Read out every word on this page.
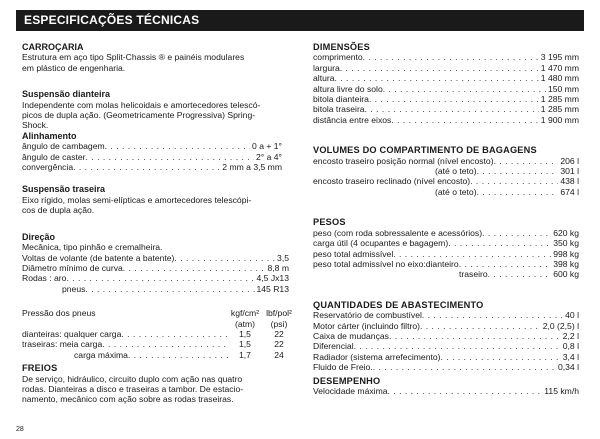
ESPECIFICAÇÕES TÉCNICAS
CARROÇARIA

Estrutura em aço tipo Split-Chassis ® e painéis modulares

em plástico de engenharia.

Suspensão dianteira

Independente com molas helicoidais e amortecedores telescó-

picos de dupla ação. (Geometricamente Progressiva) Spring-

Shock.

Alinhamento
ângulo de cambagem . . .	0 a + 1°
ângulo de caster . . .	2° a 4°
convergência . . .	2 mm a 3,5 mm
Suspensão traseira

Eixo rígido, molas semi-elípticas e amortecedores telescópi-

cos de dupla ação.

Direção

Mecânica, tipo pinhão e cremalheira.

Voltas de volante (de batente a batente) . . .	3,5
Diâmetro mínimo de curva . . .	8,8 m
Rodas : aro . . .	4,5 Jx13
pneus . . .	145 R13
Pressão dos pneus	kgf/cm² lbf/pol²
(atm)	(psi)
dianteiras: qualquer carga . . .	1,5	22
traseiras: meia carga . . .	1,5	22
carga máxima . . .	1,7	24
FREIOS

De serviço, hidráulico, circuito duplo com ação nas quatro

rodas. Dianteiras a disco e traseiras a tambor. De estacio-

namento, mecânico com ação sobre as rodas traseiras.

DIMENSÕES
comprimento . . .	3 195 mm
largura . . .	1 470 mm
altura . . .	1 480 mm
altura livre do solo . . .	150 mm
bitola dianteira . . .	1 285 mm
bitola traseira . . .	1 285 mm
distância entre eixos . . .	1 900 mm
VOLUMES DO COMPARTIMENTO DE BAGAGENS
encosto traseiro posição normal (nível encosto) . . .	206 l
(até o teto) . . .	301 l
encosto traseiro reclinado (nível encosto) . . .	438 l
(até o teto) . . .	674 l
PESOS
peso (com roda sobressalente e acessórios) . . .	620 kg
carga útil (4 ocupantes e bagagem) . . .	350 kg
peso total admissível . . .	998 kg
peso total admissível no eixo:dianteiro . . .	398 kg
traseiro . . .	600 kg
QUANTIDADES DE ABASTECIMENTO
Reservatório de combustível . . .	40 l
Motor cárter (incluindo filtro) . . .	2,0 (2,5) l
Caixa de mudanças . . .	2,2 l
Diferencial . . .	0,8 l
Radiador (sistema arrefecimento) . . .	3,4 l
Fluido de Freio. . . .	0,34 l
DESEMPENHO
Velocidade máxima . . .	115 km/h
28
